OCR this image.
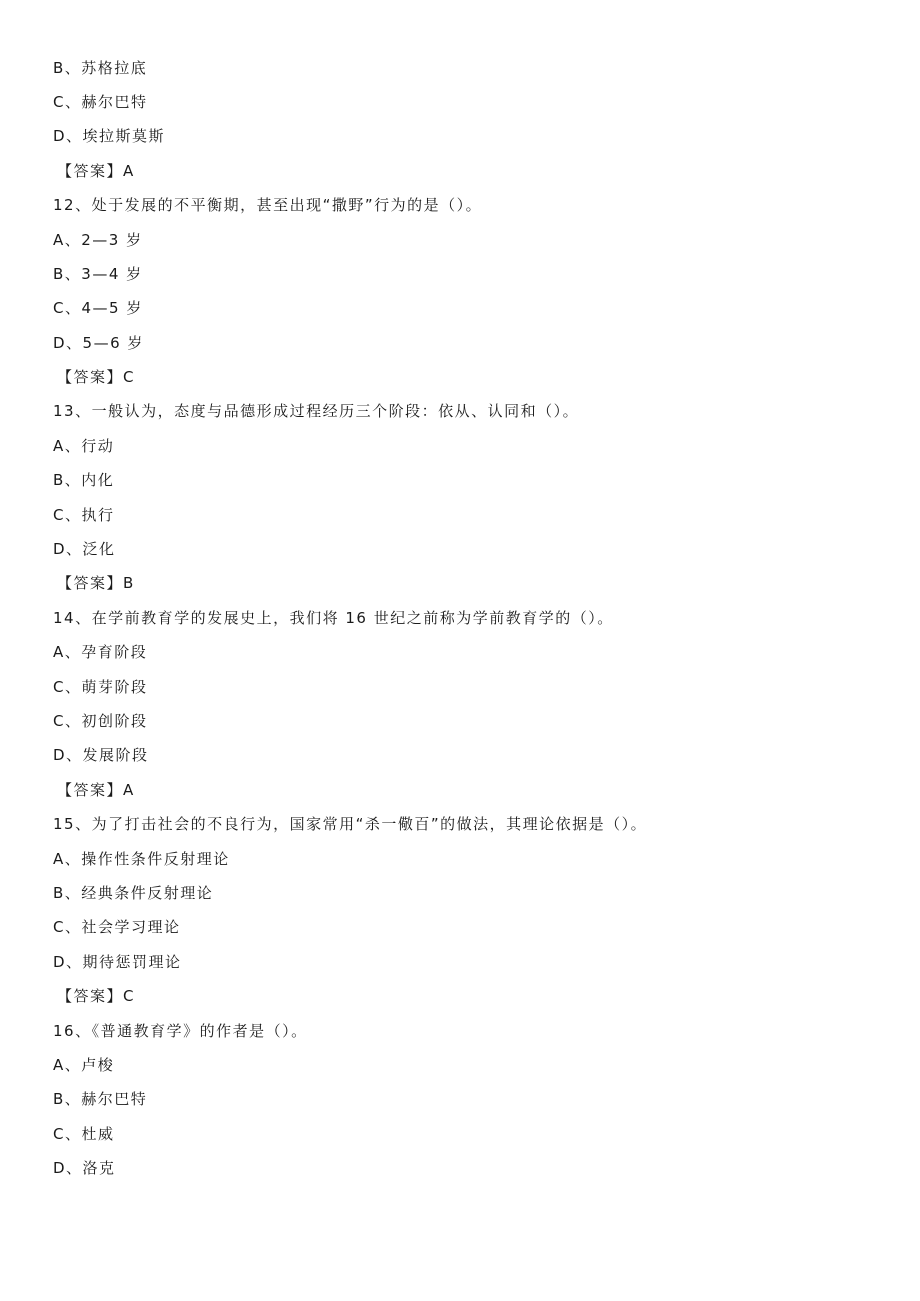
B、苏格拉底
C、赫尔巴特
D、埃拉斯莫斯
【答案】A
12、处于发展的不平衡期，甚至出现“撒野”行为的是（）。
A、2—3 岁
B、3—4 岁
C、4—5 岁
D、5—6 岁
【答案】C
13、一般认为，态度与品德形成过程经历三个阶段：依从、认同和（）。
A、行动
B、内化
C、执行
D、泛化
【答案】B
14、在学前教育学的发展史上，我们将 16 世纪之前称为学前教育学的（）。
A、孕育阶段
C、萌芽阶段
C、初创阶段
D、发展阶段
【答案】A
15、为了打击社会的不良行为，国家常用“杀一儆百”的做法，其理论依据是（）。
A、操作性条件反射理论
B、经典条件反射理论
C、社会学习理论
D、期待惩罚理论
【答案】C
16、《普通教育学》的作者是（）。
A、卢梭
B、赫尔巴特
C、杜威
D、洛克
